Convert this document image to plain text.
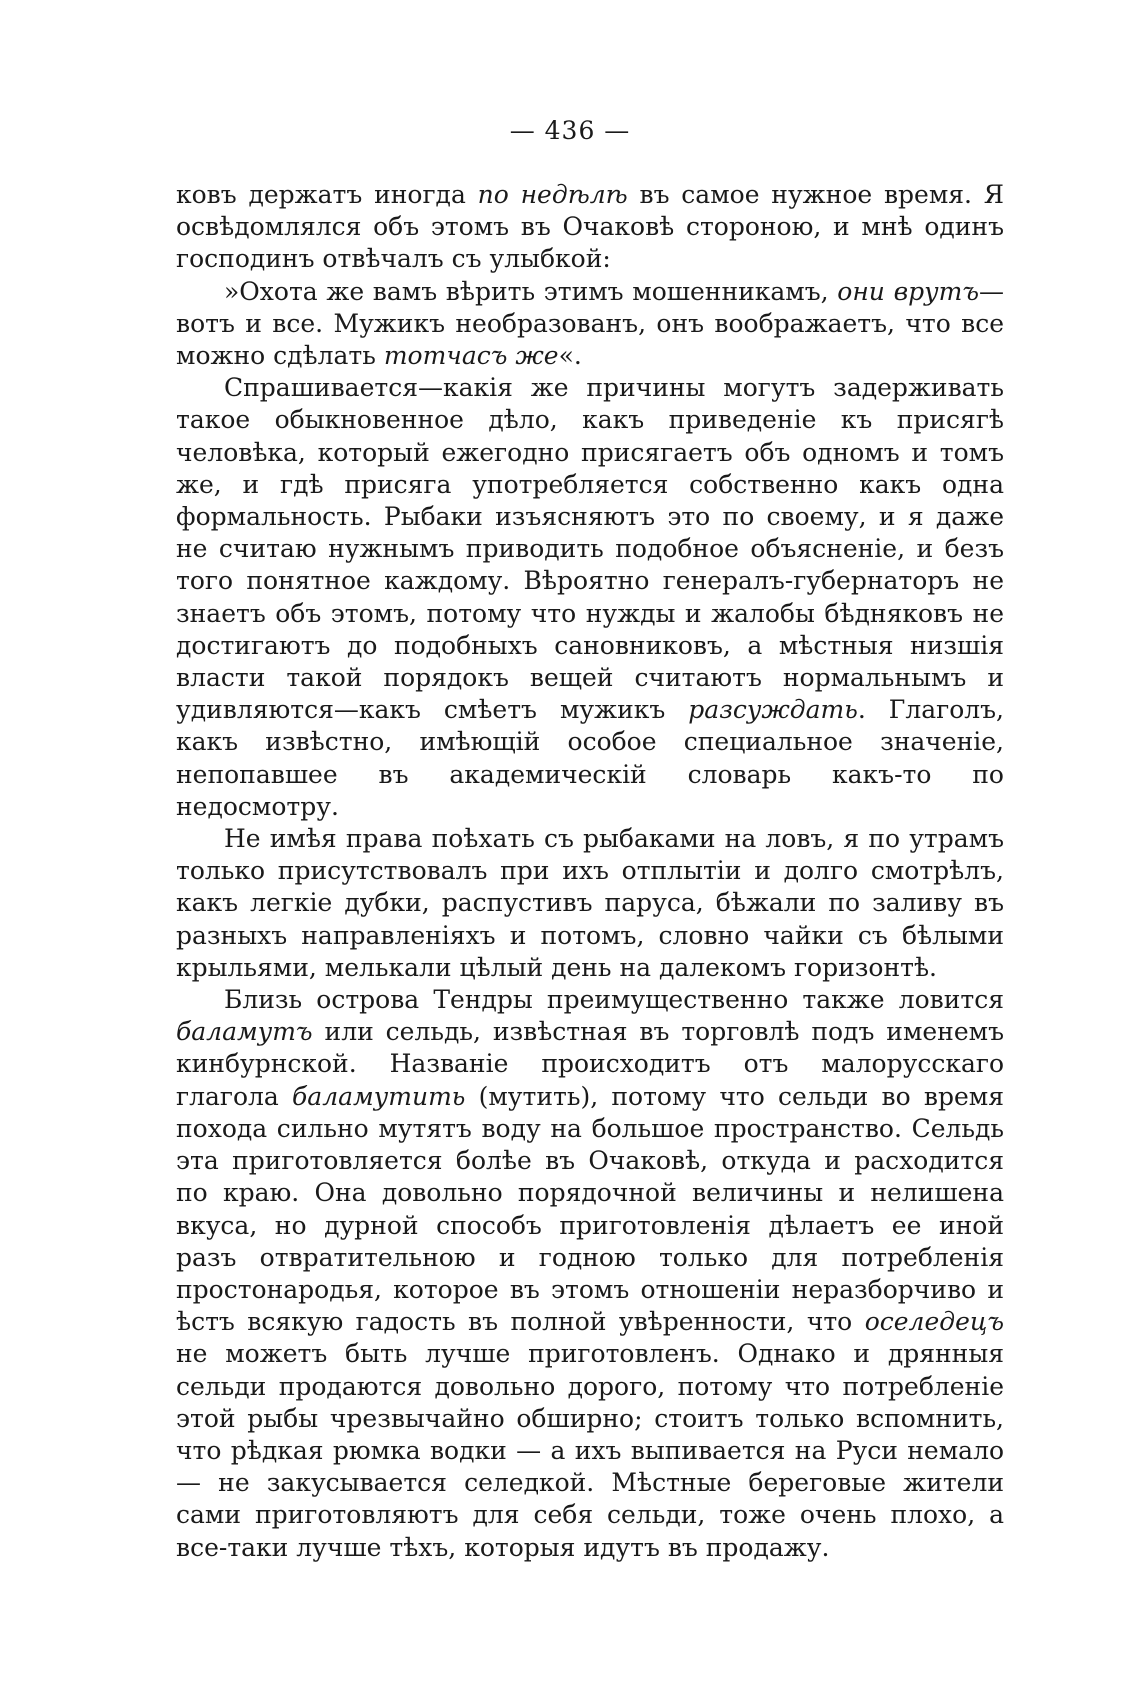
— 436 —

ковъ держатъ иногда по недѣлѣ въ самое нужное время. Я освѣдомлялся объ этомъ въ Очаковѣ стороною, и мнѣ одинъ господинъ отвѣчалъ съ улыбкой:

»Охота же вамъ вѣрить этимъ мошенникамъ, они врутъ— вотъ и все. Мужикъ необразованъ, онъ воображаетъ, что все можно сдѣлать тотчасъ же«.

Спрашивается—какія же причины могутъ задерживать такое обыкновенное дѣло, какъ приведеніе къ присягѣ человѣка, который ежегодно присягаетъ объ одномъ и томъ же, и гдѣ присяга употребляется собственно какъ одна формальность. Рыбаки изъясняютъ это по своему, и я даже не считаю нужнымъ приводить подобное объясненіе, и безъ того понятное каждому. Вѣроятно генералъ-губернаторъ не знаетъ объ этомъ, потому что нужды и жалобы бѣдняковъ не достигаютъ до подобныхъ сановниковъ, а мѣстныя низшія власти такой порядокъ вещей считаютъ нормальнымъ и удивляются—какъ смѣетъ мужикъ разсуждать. Глаголъ, какъ извѣстно, имѣющій особое специальное значеніе, непопавшее въ академическій словарь какъ-то по недосмотру.

Не имѣя права поѣхать съ рыбаками на ловъ, я по утрамъ только присутствовалъ при ихъ отплытіи и долго смотрѣлъ, какъ легкіе дубки, распустивъ паруса, бѣжали по заливу въ разныхъ направленіяхъ и потомъ, словно чайки съ бѣлыми крыльями, мелькали цѣлый день на далекомъ горизонтѣ.

Близь острова Тендры преимущественно также ловится баламутъ или сельдь, извѣстная въ торговлѣ подъ именемъ кинбурнской. Названіе происходитъ отъ малорусскаго глагола баламутить (мутить), потому что сельди во время похода сильно мутятъ воду на большое пространство. Сельдь эта приготовляется болѣе въ Очаковѣ, откуда и расходится по краю. Она довольно порядочной величины и нелишена вкуса, но дурной способъ приготовленія дѣлаетъ ее иной разъ отвратительною и годною только для потребленія простонародья, которое въ этомъ отношеніи неразборчиво и ѣстъ всякую гадость въ полной увѣренности, что оселедецъ не можетъ быть лучше приготовленъ. Однако и дрянныя сельди продаются довольно дорого, потому что потребленіе этой рыбы чрезвычайно обширно; стоитъ только вспомнить, что рѣдкая рюмка водки — а ихъ выпивается на Руси немало — не закусывается селедкой. Мѣстные береговые жители сами приготовляютъ для себя сельди, тоже очень плохо, а все-таки лучше тѣхъ, которыя идутъ въ продажу.
